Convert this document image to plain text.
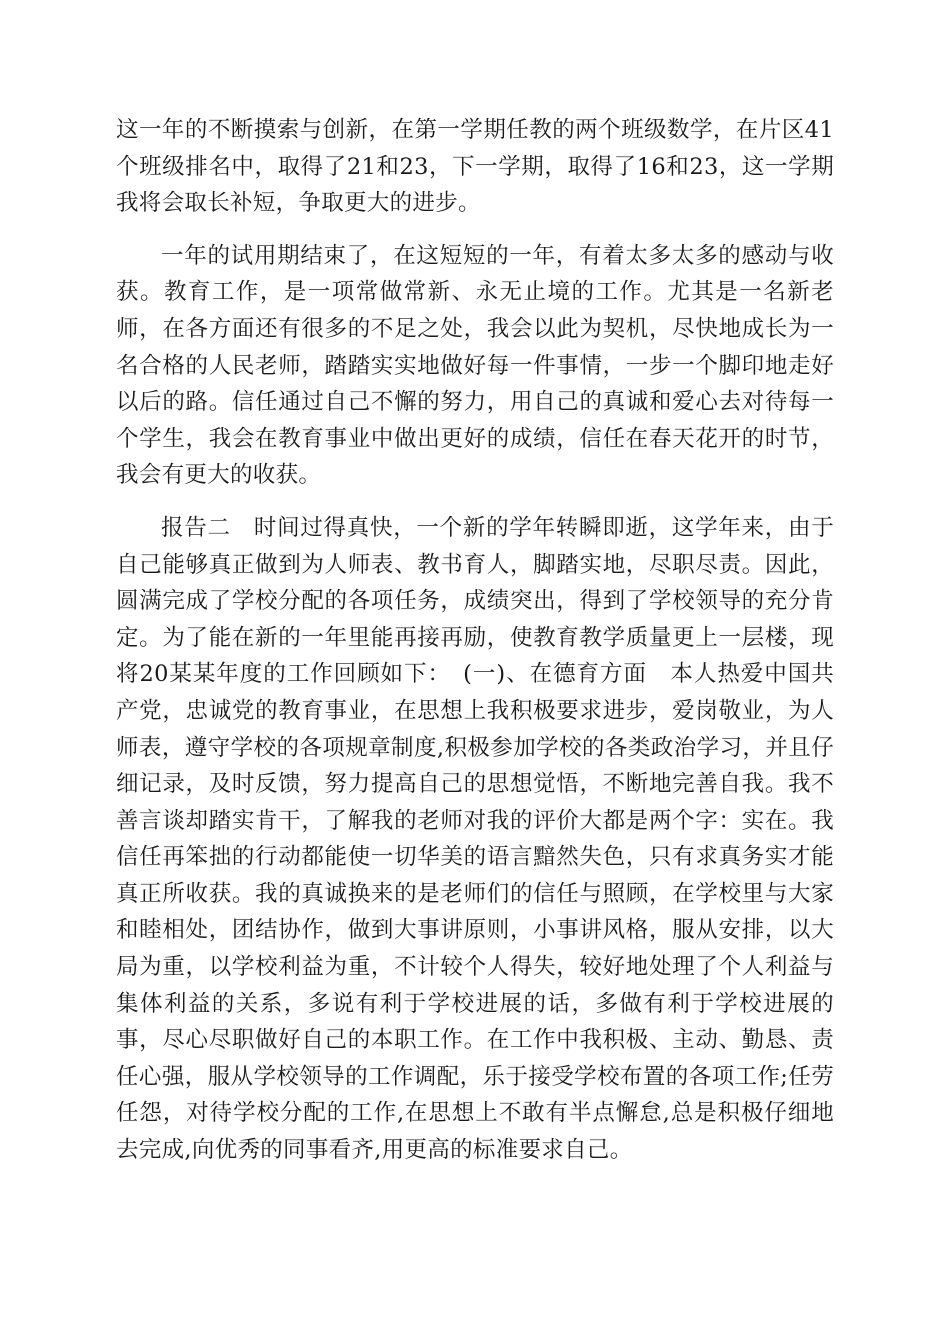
这一年的不断摸索与创新，在第一学期任教的两个班级数学，在片区41个班级排名中，取得了21和23，下一学期，取得了16和23，这一学期我将会取长补短，争取更大的进步。

一年的试用期结束了，在这短短的一年，有着太多太多的感动与收获。教育工作，是一项常做常新、永无止境的工作。尤其是一名新老师，在各方面还有很多的不足之处，我会以此为契机，尽快地成长为一名合格的人民老师，踏踏实实地做好每一件事情，一步一个脚印地走好以后的路。信任通过自己不懈的努力，用自己的真诚和爱心去对待每一个学生，我会在教育事业中做出更好的成绩，信任在春天花开的时节，我会有更大的收获。

报告二　时间过得真快，一个新的学年转瞬即逝，这学年来，由于自己能够真正做到为人师表、教书育人，脚踏实地，尽职尽责。因此，圆满完成了学校分配的各项任务，成绩突出，得到了学校领导的充分肯定。为了能在新的一年里能再接再励，使教育教学质量更上一层楼，现将20某某年度的工作回顾如下：　(一)、在德育方面　本人热爱中国共产党，忠诚党的教育事业，在思想上我积极要求进步，爱岗敬业，为人师表，遵守学校的各项规章制度,积极参加学校的各类政治学习，并且仔细记录，及时反馈，努力提高自己的思想觉悟，不断地完善自我。我不善言谈却踏实肯干，了解我的老师对我的评价大都是两个字：实在。我信任再笨拙的行动都能使一切华美的语言黯然失色，只有求真务实才能真正所收获。我的真诚换来的是老师们的信任与照顾，在学校里与大家和睦相处，团结协作，做到大事讲原则，小事讲风格，服从安排，以大局为重，以学校利益为重，不计较个人得失，较好地处理了个人利益与集体利益的关系，多说有利于学校进展的话，多做有利于学校进展的事，尽心尽职做好自己的本职工作。在工作中我积极、主动、勤恳、责任心强，服从学校领导的工作调配，乐于接受学校布置的各项工作;任劳任怨，对待学校分配的工作,在思想上不敢有半点懈怠,总是积极仔细地去完成,向优秀的同事看齐,用更高的标准要求自己。
